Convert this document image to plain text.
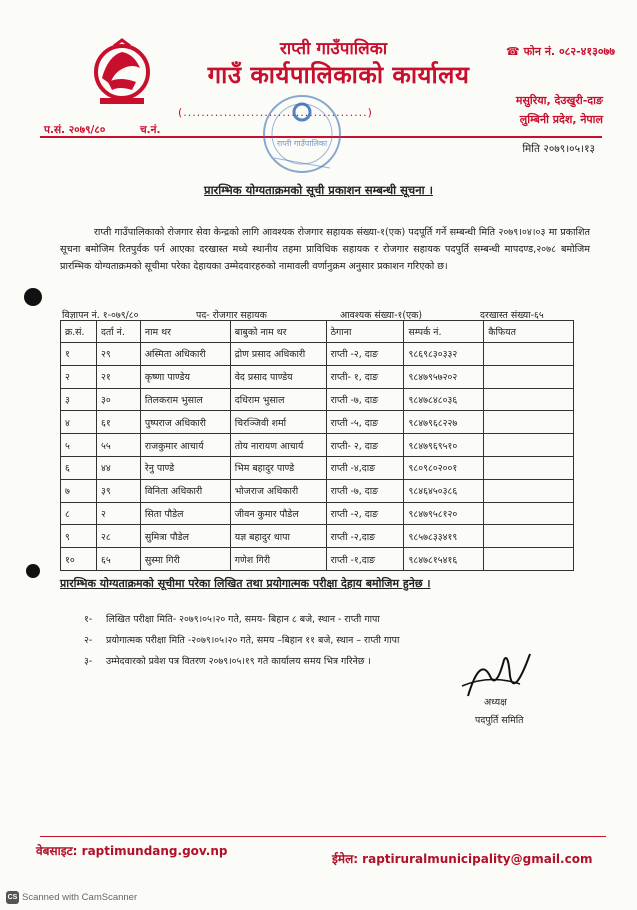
राप्ती गाउँपालिका
गाउँ कार्यपालिकाको कार्यालय
☎ फोन नं. ०८२-४१३०७७
मसुरिया, देउखुरी-दाङ
लुम्बिनी प्रदेश, नेपाल
(.........................................)
प.सं. २०७९/८०	च.नं.
मिति २०७९।०५।१३
राप्ती गाउँपालिका
प्रारम्भिक योग्यताक्रमको सूची प्रकाशन सम्बन्धी सूचना ।
राप्ती गाउँपालिकाको रोजगार सेवा केन्द्रको लागि आवश्यक रोजगार सहायक संख्या-१(एक) पदपूर्ति गर्ने सम्बन्धी मिति २०७९।०४।०३ मा प्रकाशित सूचना बमोजिम रितपुर्वक पर्न आएका दरखास्त मध्ये स्थानीय तहमा प्राविधिक सहायक र रोजगार सहायक पदपुर्ति सम्बन्धी मापदण्ड,२०७८ बमोजिम प्रारम्भिक योग्यताक्रमको सूचीमा परेका देहायका उम्मेदवारहरुको नामावली वर्णानुक्रम अनुसार प्रकाशन गरिएको छ।
विज्ञापन नं. १-०७९/८०	पद- रोजगार सहायक	आवश्यक संख्या-१(एक)	दरखास्त संख्या-६५
क्र.सं.	दर्ता नं.	नाम थर	बाबुको नाम थर	ठेगाना	सम्पर्क नं.	कैफियत
१	२९	अस्मिता अधिकारी	द्रोण प्रसाद अधिकारी	राप्ती -२, दाङ	९८६९८३०३३२	
२	२१	कृष्णा पाण्डेय	वेद प्रसाद पाण्डेय	राप्ती- १, दाङ	९८४७९५७२०२	
३	३०	तिलकराम भुसाल	दधिराम भुसाल	राप्ती -७, दाङ	९८४७८४८०३६	
४	६१	पुष्पराज अधिकारी	चिरञ्जिवी शर्मा	राप्ती -५, दाङ	९८४७९६८२२७	
५	५५	राजकुमार आचार्य	तोय नारायण आचार्य	राप्ती- २, दाङ	९८४७९६९५१०	
६	४४	रेनु पाण्डे	भिम बहादुर पाण्डे	राप्ती -४,दाङ	९८०९८०२००१	
७	३९	विनिता अधिकारी	भोजराज अधिकारी	राप्ती -७, दाङ	९८४६४५०३८६	
८	२	सिता पौडेल	जीवन कुमार पौडेल	राप्ती -२, दाङ	९८४७९५८१२०	
९	२८	सुमित्रा पौडेल	यज्ञ बहादुर थापा	राप्ती -२,दाङ	९८५७८३३४१९	
१०	६५	सुस्मा गिरी	गणेश गिरी	राप्ती -१,दाङ	९८४७८१५४१६	
प्रारम्भिक योग्यताक्रमको सूचीमा परेका लिखित तथा प्रयोगात्मक परीक्षा देहाय बमोजिम हुनेछ ।
१- लिखित परीक्षा मिति- २०७९।०५।२० गते, समय- बिहान ८ बजे, स्थान - राप्ती गापा
२- प्रयोगात्मक परीक्षा मिति -२०७९।०५।२० गते, समय –बिहान ११ बजे, स्थान – राप्ती गापा
३- उम्मेदवारको प्रवेश पत्र वितरण २०७९।०५।१९ गते कार्यालय समय भित्र गरिनेछ ।
अध्यक्ष
पदपुर्ति समिति
वेबसाइट: raptimundang.gov.np
ईमेल: raptiruralmunicipality@gmail.com
CS Scanned with CamScanner
